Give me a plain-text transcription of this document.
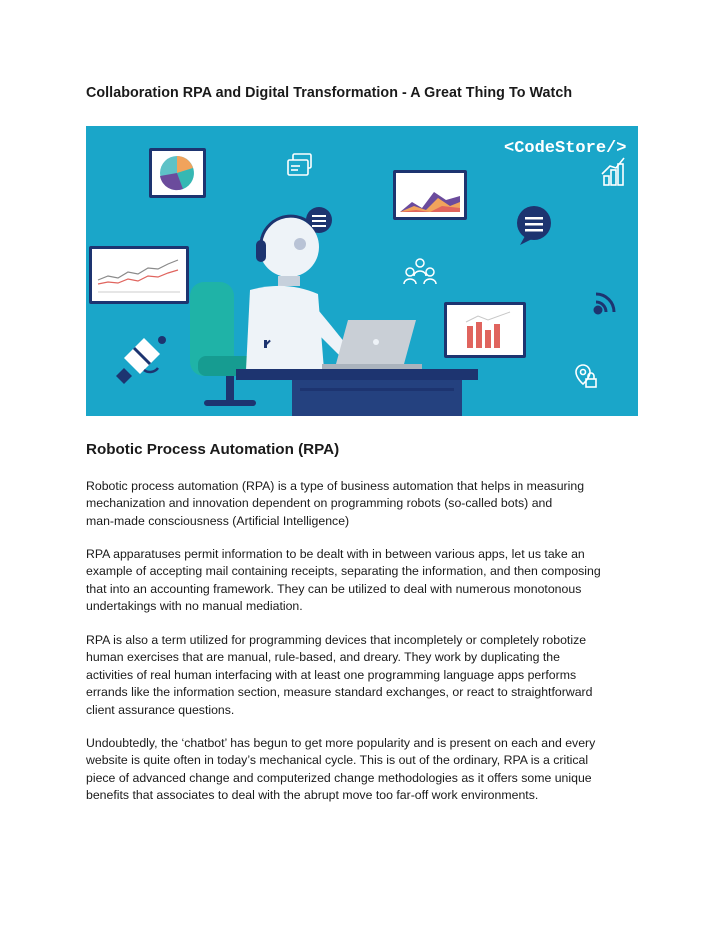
Collaboration RPA and Digital Transformation - A Great Thing To Watch
<CodeStore/>
Robotic Process Automation (RPA)

Robotic process automation (RPA) is a type of business automation that helps in measuring
mechanization and innovation dependent on programming robots (so-called bots) and
man-made consciousness (Artificial Intelligence)

RPA apparatuses permit information to be dealt with in between various apps, let us take an
example of accepting mail containing receipts, separating the information, and then composing
that into an accounting framework. They can be utilized to deal with numerous monotonous
undertakings with no manual mediation.

RPA is also a term utilized for programming devices that incompletely or completely robotize
human exercises that are manual, rule-based, and dreary. They work by duplicating the
activities of real human interfacing with at least one programming language apps performs
errands like the information section, measure standard exchanges, or react to straightforward
client assurance questions.

Undoubtedly, the ‘chatbot’ has begun to get more popularity and is present on each and every
website is quite often in today’s mechanical cycle. This is out of the ordinary, RPA is a critical
piece of advanced change and computerized change methodologies as it offers some unique
benefits that associates to deal with the abrupt move too far-off work environments.
